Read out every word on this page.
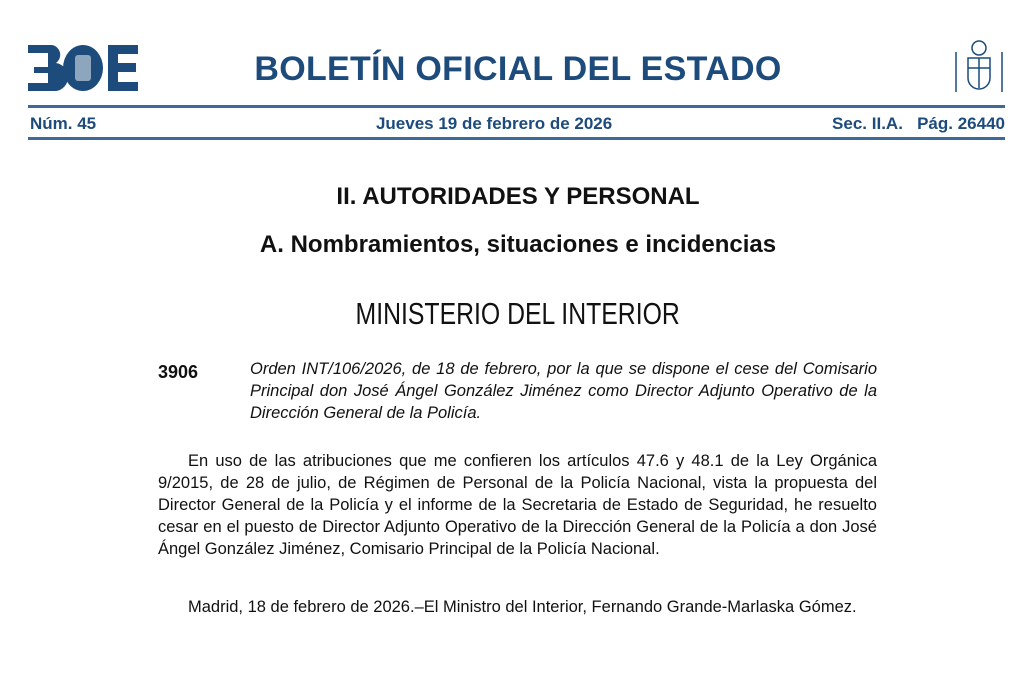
BOLETÍN OFICIAL DEL ESTADO
Núm. 45	Jueves 19 de febrero de 2026	Sec. II.A. Pág. 26440
II. AUTORIDADES Y PERSONAL
A. Nombramientos, situaciones e incidencias
MINISTERIO DEL INTERIOR
3906	Orden INT/106/2026, de 18 de febrero, por la que se dispone el cese del Comisario Principal don José Ángel González Jiménez como Director Adjunto Operativo de la Dirección General de la Policía.
En uso de las atribuciones que me confieren los artículos 47.6 y 48.1 de la Ley Orgánica 9/2015, de 28 de julio, de Régimen de Personal de la Policía Nacional, vista la propuesta del Director General de la Policía y el informe de la Secretaria de Estado de Seguridad, he resuelto cesar en el puesto de Director Adjunto Operativo de la Dirección General de la Policía a don José Ángel González Jiménez, Comisario Principal de la Policía Nacional.
Madrid, 18 de febrero de 2026.–El Ministro del Interior, Fernando Grande-Marlaska Gómez.
